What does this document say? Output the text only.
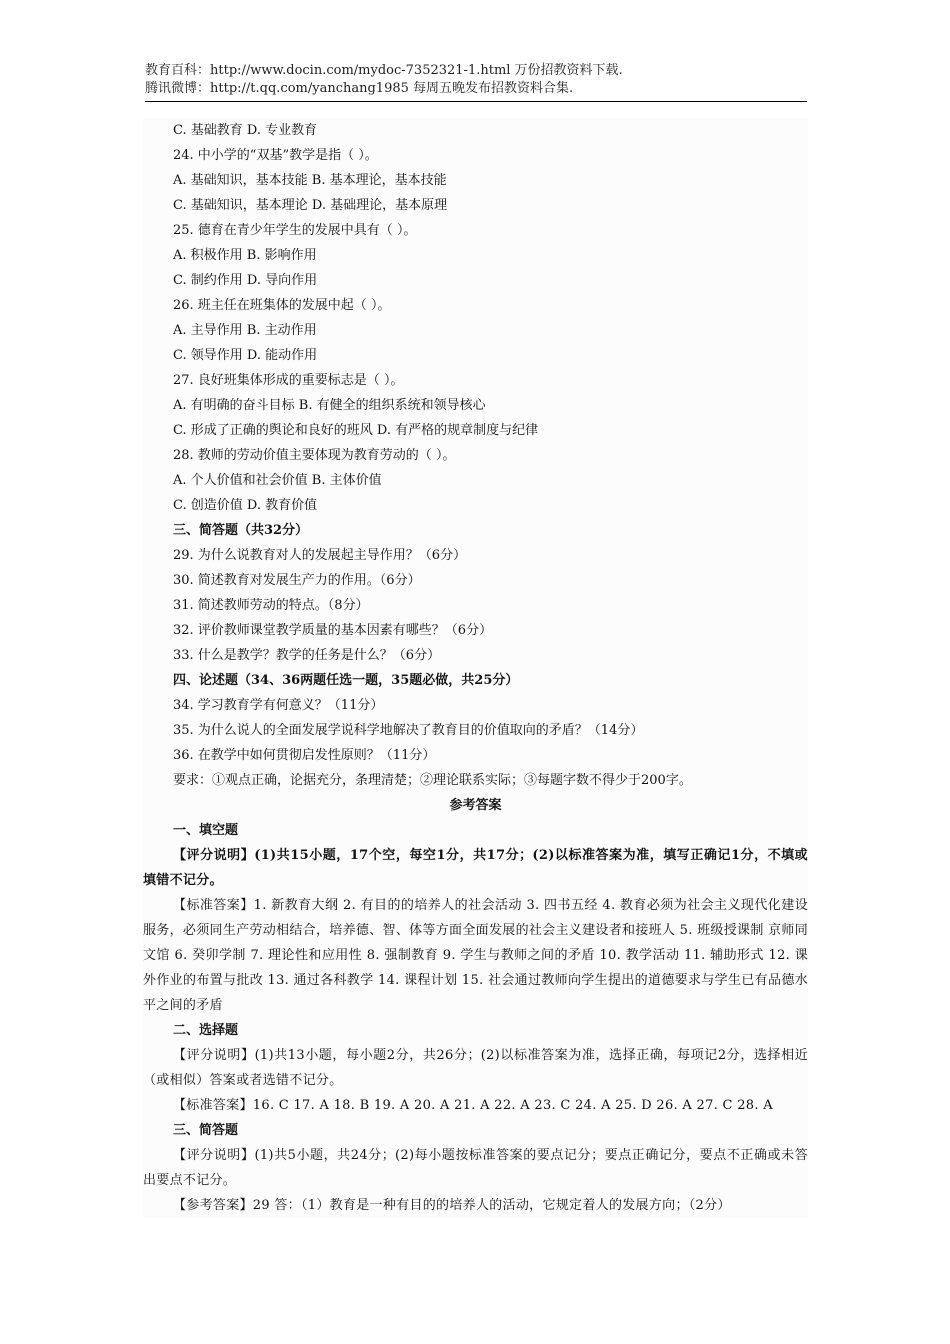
教育百科：http://www.docin.com/mydoc-7352321-1.html 万份招教资料下载.
腾讯微博：http://t.qq.com/yanchang1985 每周五晚发布招教资料合集.
C. 基础教育 D. 专业教育
24. 中小学的“双基”教学是指（ ）。
A. 基础知识，基本技能 B. 基本理论，基本技能
C. 基础知识，基本理论 D. 基础理论，基本原理
25. 德育在青少年学生的发展中具有（ ）。
A. 积极作用 B. 影响作用
C. 制约作用 D. 导向作用
26. 班主任在班集体的发展中起（ ）。
A. 主导作用 B. 主动作用
C. 领导作用 D. 能动作用
27. 良好班集体形成的重要标志是（ ）。
A. 有明确的奋斗目标 B. 有健全的组织系统和领导核心
C. 形成了正确的舆论和良好的班风 D. 有严格的规章制度与纪律
28. 教师的劳动价值主要体现为教育劳动的（ ）。
A. 个人价值和社会价值 B. 主体价值
C. 创造价值 D. 教育价值
三、简答题（共32分）
29. 为什么说教育对人的发展起主导作用？（6分）
30. 简述教育对发展生产力的作用。（6分）
31. 简述教师劳动的特点。（8分）
32. 评价教师课堂教学质量的基本因素有哪些？（6分）
33. 什么是教学？教学的任务是什么？（6分）
四、论述题（34、36两题任选一题，35题必做，共25分）
34. 学习教育学有何意义？（11分）
35. 为什么说人的全面发展学说科学地解决了教育目的价值取向的矛盾？（14分）
36. 在教学中如何贯彻启发性原则？（11分）
要求：①观点正确，论据充分，条理清楚；②理论联系实际；③每题字数不得少于200字。
参考答案
一、填空题
【评分说明】(1)共15小题，17个空，每空1分，共17分；(2)以标准答案为准，填写正确记1分，不填或填错不记分。
【标准答案】1. 新教育大纲 2. 有目的的培养人的社会活动 3. 四书五经 4. 教育必须为社会主义现代化建设服务，必须同生产劳动相结合，培养德、智、体等方面全面发展的社会主义建设者和接班人 5. 班级授课制 京师同文馆 6. 癸卯学制 7. 理论性和应用性 8. 强制教育 9. 学生与教师之间的矛盾 10. 教学活动 11. 辅助形式 12. 课外作业的布置与批改 13. 通过各科教学 14. 课程计划 15. 社会通过教师向学生提出的道德要求与学生已有品德水平之间的矛盾
二、选择题
【评分说明】(1)共13小题，每小题2分，共26分；(2)以标准答案为准，选择正确，每项记2分，选择相近（或相似）答案或者选错不记分。
【标准答案】16. C 17. A 18. B 19. A 20. A 21. A 22. A 23. C 24. A 25. D 26. A 27. C 28. A
三、简答题
【评分说明】(1)共5小题，共24分；(2)每小题按标准答案的要点记分；要点正确记分，要点不正确或未答出要点不记分。
【参考答案】29 答：（1）教育是一种有目的的培养人的活动，它规定着人的发展方向；（2分）
